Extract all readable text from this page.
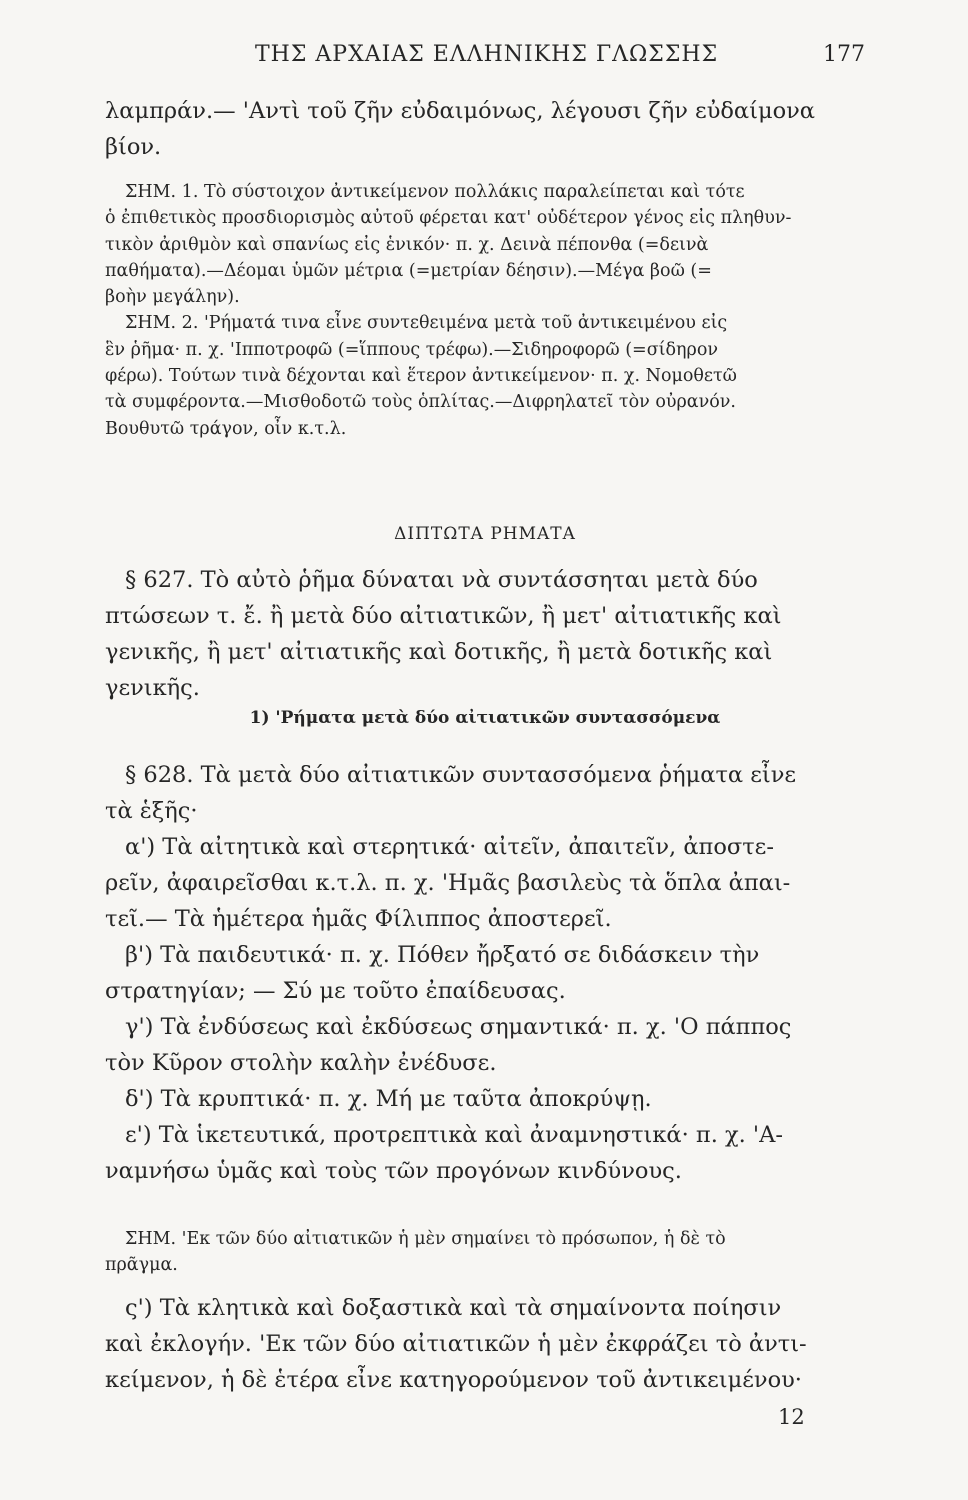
ΤΗΣ ΑΡΧΑΙΑΣ ΕΛΛΗΝΙΚΗΣ ΓΛΩΣΣΗΣ	177
λαμπράν.— 'Αντὶ τοῦ ζῆν εὐδαιμόνως, λέγουσι ζῆν εὐδαίμονα
βίον.
ΣΗΜ. 1. Τὸ σύστοιχον ἀντικείμενον πολλάκις παραλείπεται καὶ τότε
ὁ ἐπιθετικὸς προσδιορισμὸς αὐτοῦ φέρεται κατ' οὐδέτερον γένος εἰς πληθυν-
τικὸν ἀριθμὸν καὶ σπανίως εἰς ἑνικόν· π. χ. Δεινὰ πέπονθα (=δεινὰ
παθήματα).—Δέομαι ὑμῶν μέτρια (=μετρίαν δέησιν).—Μέγα βοῶ (=
βοὴν μεγάλην).
ΣΗΜ. 2. 'Ρήματά τινα εἶνε συντεθειμένα μετὰ τοῦ ἀντικειμένου εἰς
ἓν ῥῆμα· π. χ. 'Ιπποτροφῶ (=ἵππους τρέφω).—Σιδηροφορῶ (=σίδηρον
φέρω). Τούτων τινὰ δέχονται καὶ ἕτερον ἀντικείμενον· π. χ. Νομοθετῶ
τὰ συμφέροντα.—Μισθοδοτῶ τοὺς ὁπλίτας.—Διφρηλατεῖ τὸν οὐρανόν.
Βουθυτῶ τράγον, οἶν κ.τ.λ.
ΔΙΠΤΩΤΑ ΡΗΜΑΤΑ
§ 627. Τὸ αὐτὸ ῥῆμα δύναται νὰ συντάσσηται μετὰ δύο
πτώσεων τ. ἔ. ἢ μετὰ δύο αἰτιατικῶν, ἢ μετ' αἰτιατικῆς καὶ
γενικῆς, ἢ μετ' αἰτιατικῆς καὶ δοτικῆς, ἢ μετὰ δοτικῆς καὶ
γενικῆς.
1) 'Ρήματα μετὰ δύο αἰτιατικῶν συντασσόμενα
§ 628. Τὰ μετὰ δύο αἰτιατικῶν συντασσόμενα ῥήματα εἶνε
τὰ ἑξῆς·
α') Τὰ αἰτητικὰ καὶ στερητικά· αἰτεῖν, ἀπαιτεῖν, ἀποστε-
ρεῖν, ἀφαιρεῖσθαι κ.τ.λ. π. χ. 'Ημᾶς βασιλεὺς τὰ ὅπλα ἀπαι-
τεῖ.— Τὰ ἡμέτερα ἡμᾶς Φίλιππος ἀποστερεῖ.
β') Τὰ παιδευτικά· π. χ. Πόθεν ἤρξατό σε διδάσκειν τὴν
στρατηγίαν; — Σύ με τοῦτο ἐπαίδευσας.
γ') Τὰ ἐνδύσεως καὶ ἐκδύσεως σημαντικά· π. χ. 'Ο πάππος
τὸν Κῦρον στολὴν καλὴν ἐνέδυσε.
δ') Τὰ κρυπτικά· π. χ. Μή με ταῦτα ἀποκρύψῃ.
ε') Τὰ ἱκετευτικά, προτρεπτικὰ καὶ ἀναμνηστικά· π. χ. 'Α-
ναμνήσω ὑμᾶς καὶ τοὺς τῶν προγόνων κινδύνους.
ΣΗΜ. 'Εκ τῶν δύο αἰτιατικῶν ἡ μὲν σημαίνει τὸ πρόσωπον, ἡ δὲ τὸ
πρᾶγμα.
ς') Τὰ κλητικὰ καὶ δοξαστικὰ καὶ τὰ σημαίνοντα ποίησιν
καὶ ἐκλογήν. 'Εκ τῶν δύο αἰτιατικῶν ἡ μὲν ἐκφράζει τὸ ἀντι-
κείμενον, ἡ δὲ ἑτέρα εἶνε κατηγορούμενον τοῦ ἀντικειμένου·
12
